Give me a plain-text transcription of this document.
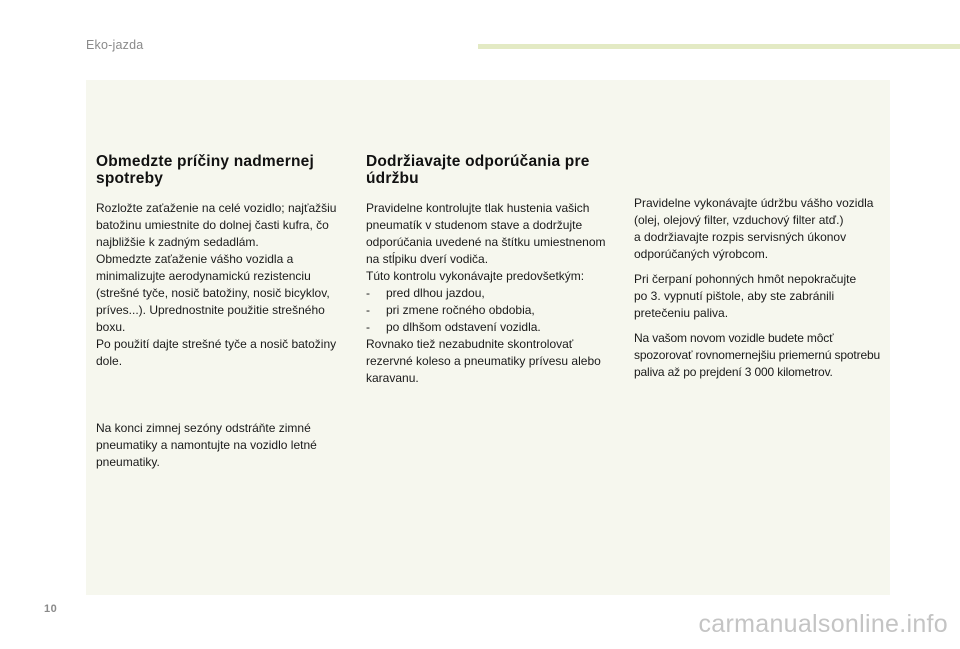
Eko-jazda
Obmedzte príčiny nadmernej
spotreby

Rozložte zaťaženie na celé vozidlo; najťažšiu
batožinu umiestnite do dolnej časti kufra, čo
najbližšie k zadným sedadlám.
Obmedzte zaťaženie vášho vozidla a
minimalizujte aerodynamickú rezistenciu
(strešné tyče, nosič batožiny, nosič bicyklov,
príves...). Uprednostnite použitie strešného
boxu.
Po použití dajte strešné tyče a nosič batožiny
dole.

Na konci zimnej sezóny odstráňte zimné
pneumatiky a namontujte na vozidlo letné
pneumatiky.

Dodržiavajte odporúčania pre
údržbu

Pravidelne kontrolujte tlak hustenia vašich
pneumatík v studenom stave a dodržujte
odporúčania uvedené na štítku umiestnenom
na stĺpiku dverí vodiča.
Túto kontrolu vykonávajte predovšetkým:

- pred dlhou jazdou,
- pri zmene ročného obdobia,
- po dlhšom odstavení vozidla.

Rovnako tiež nezabudnite skontrolovať
rezervné koleso a pneumatiky prívesu alebo
karavanu.

Pravidelne vykonávajte údržbu vášho vozidla
(olej, olejový filter, vzduchový filter atď.)
a dodržiavajte rozpis servisných úkonov
odporúčaných výrobcom.

Pri čerpaní pohonných hmôt nepokračujte
po 3. vypnutí pištole, aby ste zabránili
pretečeniu paliva.

Na vašom novom vozidle budete môcť
spozorovať rovnomernejšiu priemernú spotrebu
paliva až po prejdení 3 000 kilometrov.

10
carmanualsonline.info
